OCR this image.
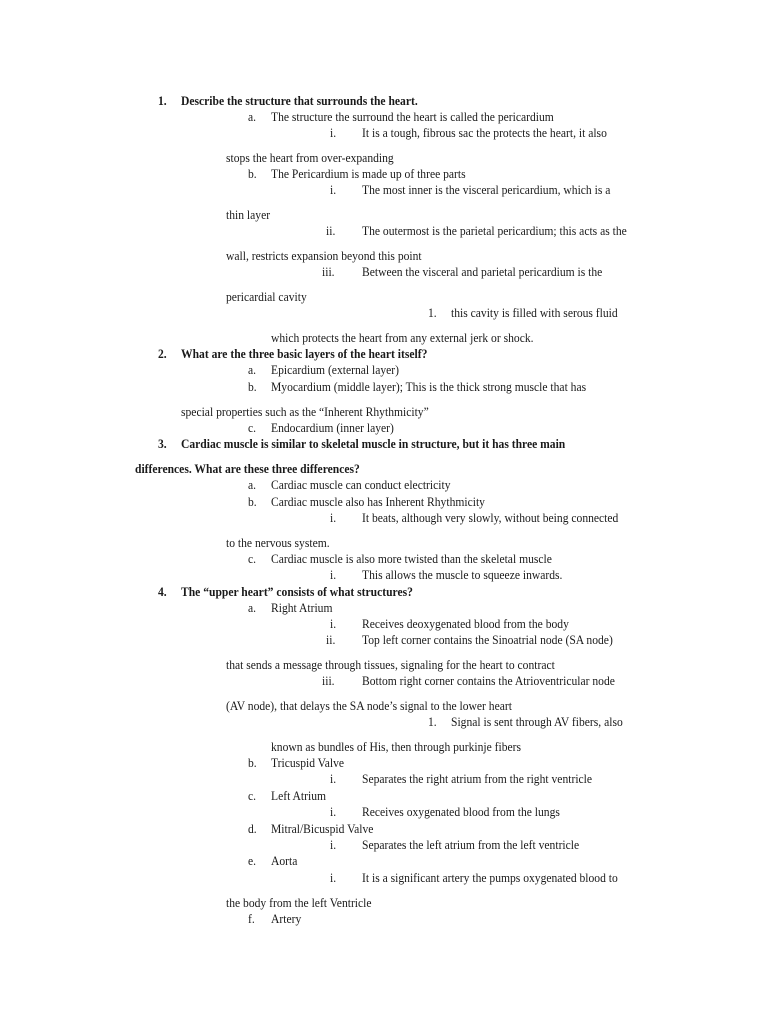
1. Describe the structure that surrounds the heart.
a. The structure the surround the heart is called the pericardium
i. It is a tough, fibrous sac the protects the heart, it also
stops the heart from over-expanding
b. The Pericardium is made up of three parts
i. The most inner is the visceral pericardium, which is a
thin layer
ii. The outermost is the parietal pericardium; this acts as the
wall, restricts expansion beyond this point
iii. Between the visceral and parietal pericardium is the
pericardial cavity
1. this cavity is filled with serous fluid
which protects the heart from any external jerk or shock.
2. What are the three basic layers of the heart itself?
a. Epicardium (external layer)
b. Myocardium (middle layer); This is the thick strong muscle that has
special properties such as the “Inherent Rhythmicity”
c. Endocardium (inner layer)
3. Cardiac muscle is similar to skeletal muscle in structure, but it has three main
differences. What are these three differences?
a. Cardiac muscle can conduct electricity
b. Cardiac muscle also has Inherent Rhythmicity
i. It beats, although very slowly, without being connected
to the nervous system.
c. Cardiac muscle is also more twisted than the skeletal muscle
i. This allows the muscle to squeeze inwards.
4. The “upper heart” consists of what structures?
a. Right Atrium
i. Receives deoxygenated blood from the body
ii. Top left corner contains the Sinoatrial node (SA node)
that sends a message through tissues, signaling for the heart to contract
iii. Bottom right corner contains the Atrioventricular node
(AV node), that delays the SA node’s signal to the lower heart
1. Signal is sent through AV fibers, also
known as bundles of His, then through purkinje fibers
b. Tricuspid Valve
i. Separates the right atrium from the right ventricle
c. Left Atrium
i. Receives oxygenated blood from the lungs
d. Mitral/Bicuspid Valve
i. Separates the left atrium from the left ventricle
e. Aorta
i. It is a significant artery the pumps oxygenated blood to
the body from the left Ventricle
f. Artery
